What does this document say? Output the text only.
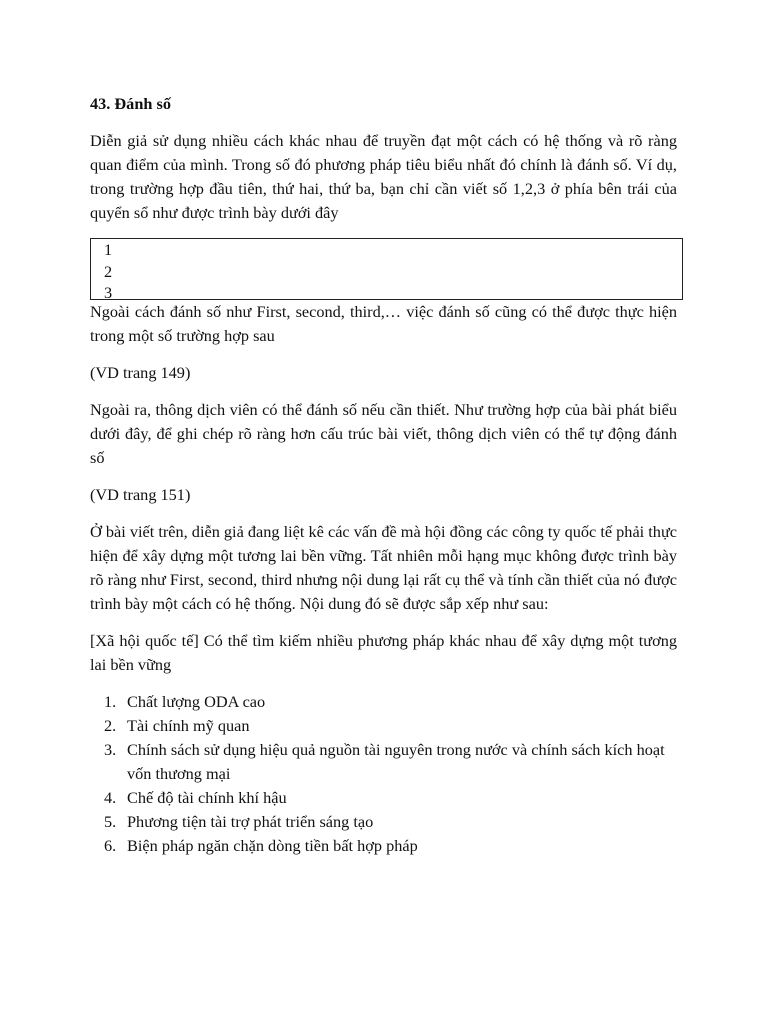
43. Đánh số

Diễn giả sử dụng nhiều cách khác nhau để truyền đạt một cách có hệ thống và rõ ràng quan điểm của mình. Trong số đó phương pháp tiêu biểu nhất đó chính là đánh số. Ví dụ, trong trường hợp đầu tiên, thứ hai, thứ ba, bạn chỉ cần viết số 1,2,3 ở phía bên trái của quyển sổ như được trình bày dưới đây

1
2
3

Ngoài cách đánh số như First, second, third,… việc đánh số cũng có thể được thực hiện trong một số trường hợp sau

(VD trang 149)

Ngoài ra, thông dịch viên có thể đánh số nếu cần thiết. Như trường hợp của bài phát biểu dưới đây, để ghi chép rõ ràng hơn cấu trúc bài viết, thông dịch viên có thể tự động đánh số

(VD trang 151)

Ở bài viết trên, diễn giả đang liệt kê các vấn đề mà hội đồng các công ty quốc tế phải thực hiện để xây dựng một tương lai bền vững. Tất nhiên mỗi hạng mục không được trình bày rõ ràng như First, second, third nhưng nội dung lại rất cụ thể và tính cần thiết của nó được trình bày một cách có hệ thống. Nội dung đó sẽ được sắp xếp như sau:

[Xã hội quốc tế] Có thể tìm kiếm nhiều phương pháp khác nhau để xây dựng một tương lai bền vững

1. Chất lượng ODA cao
2. Tài chính mỹ quan
3. Chính sách sử dụng hiệu quả nguồn tài nguyên trong nước và chính sách kích hoạt vốn thương mại
4. Chế độ tài chính khí hậu
5. Phương tiện tài trợ phát triển sáng tạo
6. Biện pháp ngăn chặn dòng tiền bất hợp pháp
